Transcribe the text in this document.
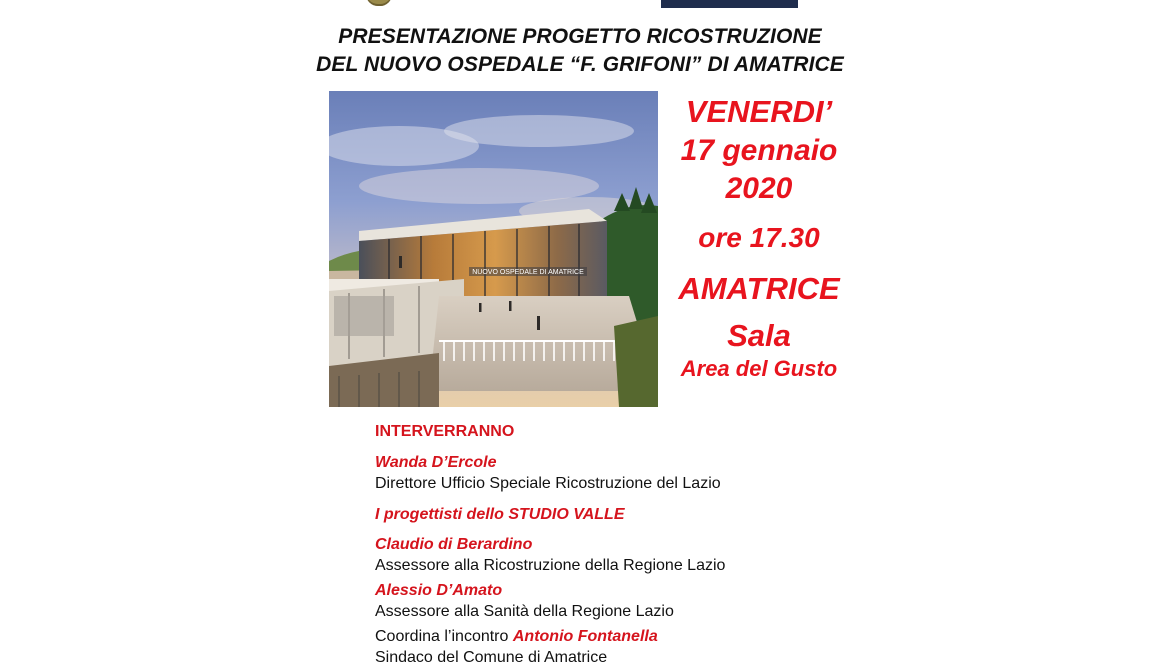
PRESENTAZIONE PROGETTO RICOSTRUZIONE
DEL NUOVO OSPEDALE “F. GRIFONI” DI AMATRICE
NUOVO OSPEDALE DI AMATRICE
VENERDI’
17 gennaio
2020
ore 17.30
AMATRICE
Sala
Area del Gusto
INTERVERRANNO
Wanda D’Ercole
Direttore Ufficio Speciale Ricostruzione del Lazio
I progettisti dello STUDIO VALLE
Claudio di Berardino
Assessore alla Ricostruzione della Regione Lazio
Alessio D’Amato
Assessore alla Sanità della Regione Lazio
Coordina l’incontro Antonio Fontanella
Sindaco del Comune di Amatrice
